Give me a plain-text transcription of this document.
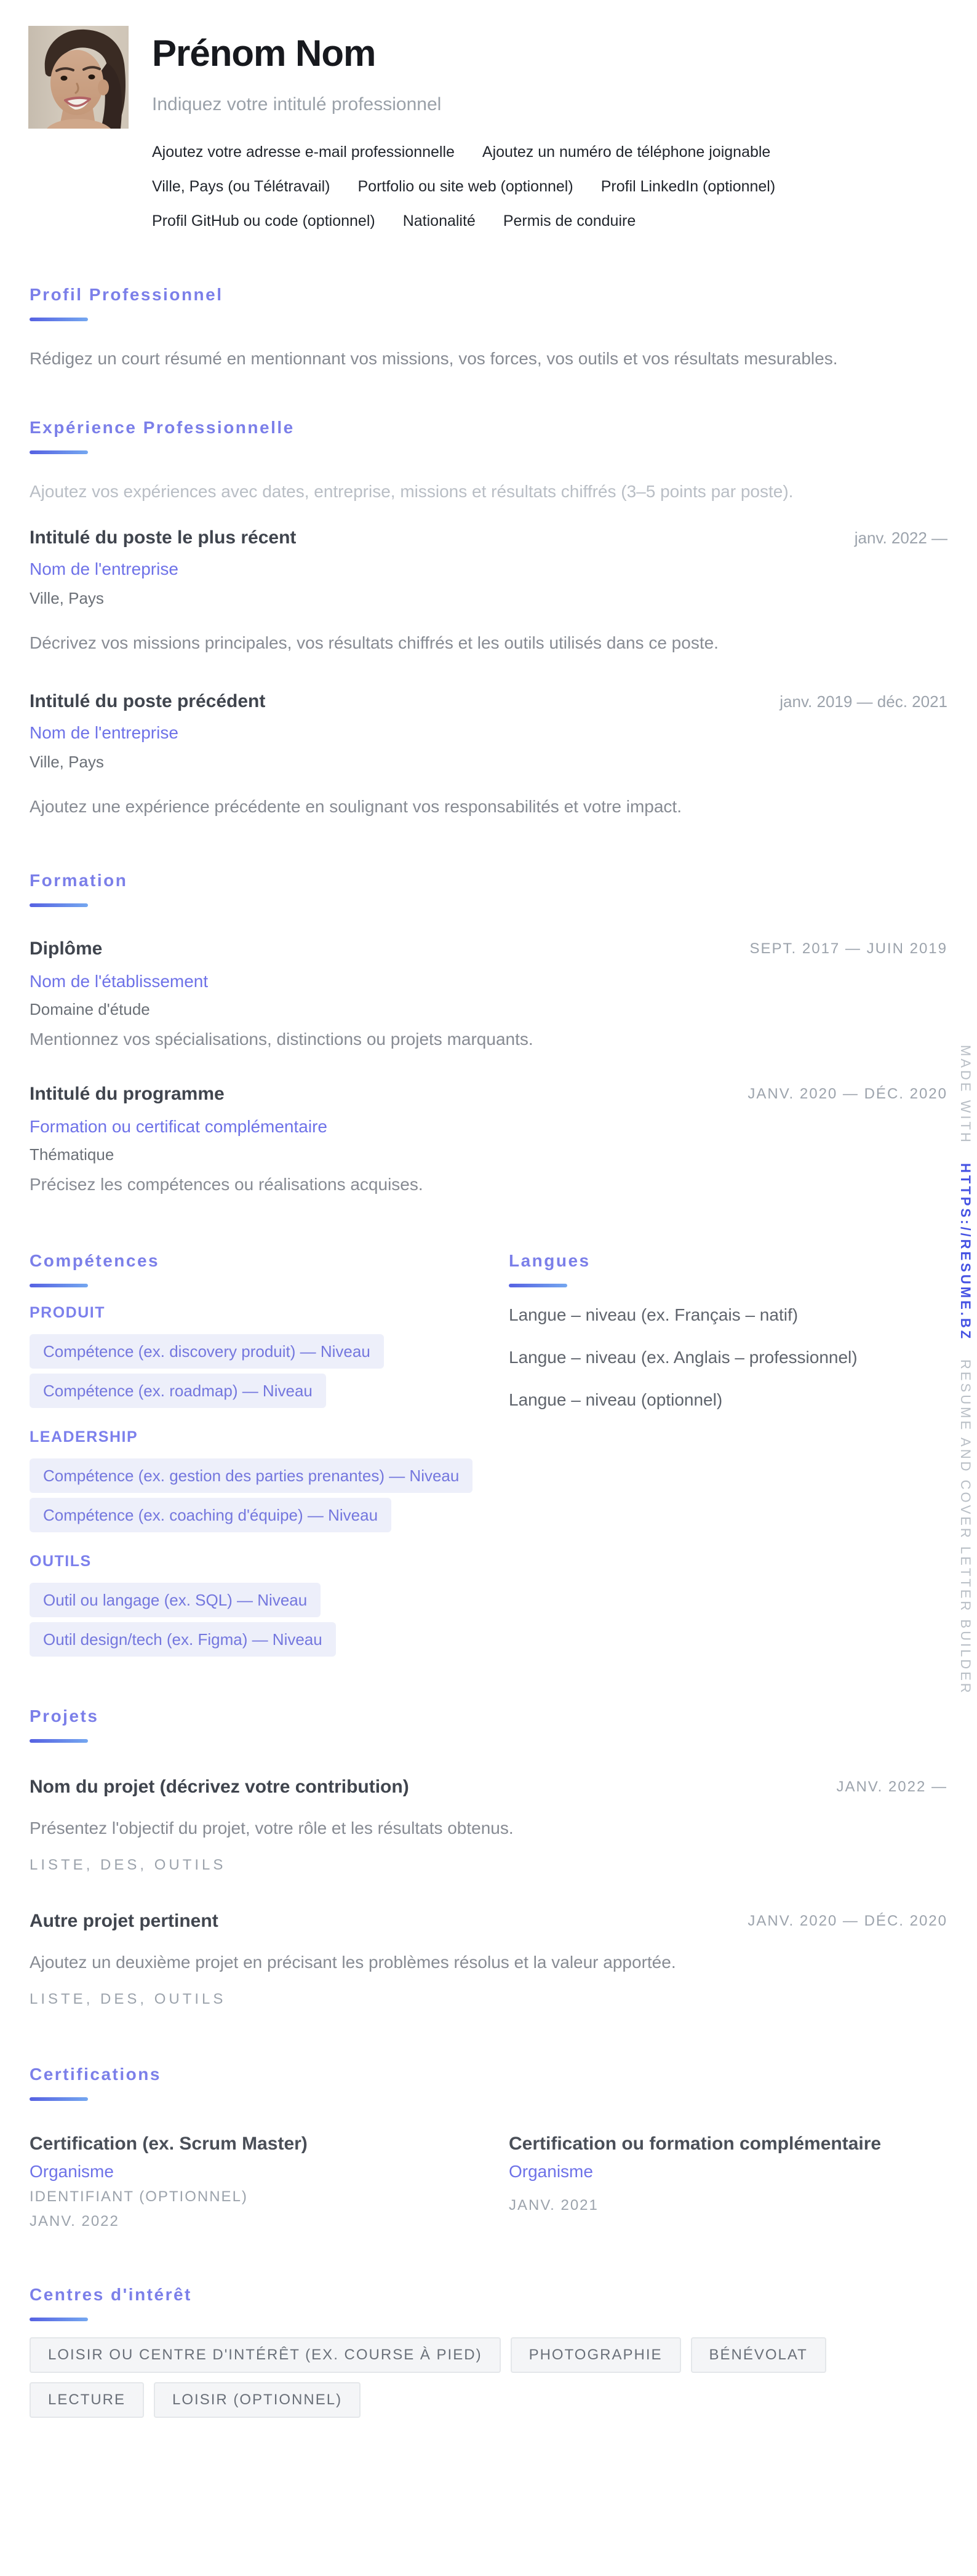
Prénom Nom
Indiquez votre intitulé professionnel
Ajoutez votre adresse e-mail professionnelle Ajoutez un numéro de téléphone joignable
Ville, Pays (ou Télétravail) Portfolio ou site web (optionnel) Profil LinkedIn (optionnel)
Profil GitHub ou code (optionnel) Nationalité Permis de conduire
Profil Professionnel

Rédigez un court résumé en mentionnant vos missions, vos forces, vos outils et vos résultats mesurables.

Expérience Professionnelle

Ajoutez vos expériences avec dates, entreprise, missions et résultats chiffrés (3–5 points par poste).

Intitulé du poste le plus récent	janv. 2022 —
Nom de l'entreprise
Ville, Pays
Décrivez vos missions principales, vos résultats chiffrés et les outils utilisés dans ce poste.
Intitulé du poste précédent	janv. 2019 — déc. 2021
Nom de l'entreprise
Ville, Pays
Ajoutez une expérience précédente en soulignant vos responsabilités et votre impact.
Formation
Diplôme	SEPT. 2017 — JUIN 2019
Nom de l'établissement
Domaine d'étude
Mentionnez vos spécialisations, distinctions ou projets marquants.
Intitulé du programme	JANV. 2020 — DÉC. 2020
Formation ou certificat complémentaire
Thématique
Précisez les compétences ou réalisations acquises.
Compétences
PRODUIT
Compétence (ex. discovery produit) — Niveau
Compétence (ex. roadmap) — Niveau
LEADERSHIP
Compétence (ex. gestion des parties prenantes) — Niveau
Compétence (ex. coaching d'équipe) — Niveau
OUTILS
Outil ou langage (ex. SQL) — Niveau
Outil design/tech (ex. Figma) — Niveau
Langues
Langue – niveau (ex. Français – natif)
Langue – niveau (ex. Anglais – professionnel)
Langue – niveau (optionnel)
Projets
Nom du projet (décrivez votre contribution)	JANV. 2022 —
Présentez l'objectif du projet, votre rôle et les résultats obtenus.
LISTE, DES, OUTILS
Autre projet pertinent	JANV. 2020 — DÉC. 2020
Ajoutez un deuxième projet en précisant les problèmes résolus et la valeur apportée.
LISTE, DES, OUTILS
Certifications
Certification (ex. Scrum Master)
Organisme
IDENTIFIANT (OPTIONNEL)
JANV. 2022
Certification ou formation complémentaire
Organisme
JANV. 2021
Centres d'intérêt
LOISIR OU CENTRE D'INTÉRÊT (EX. COURSE À PIED)	PHOTOGRAPHIE	BÉNÉVOLAT
LECTURE	LOISIR (OPTIONNEL)
MADE WITH
HTTPS://RESUME.BZ
RESUME AND COVER LETTER BUILDER
